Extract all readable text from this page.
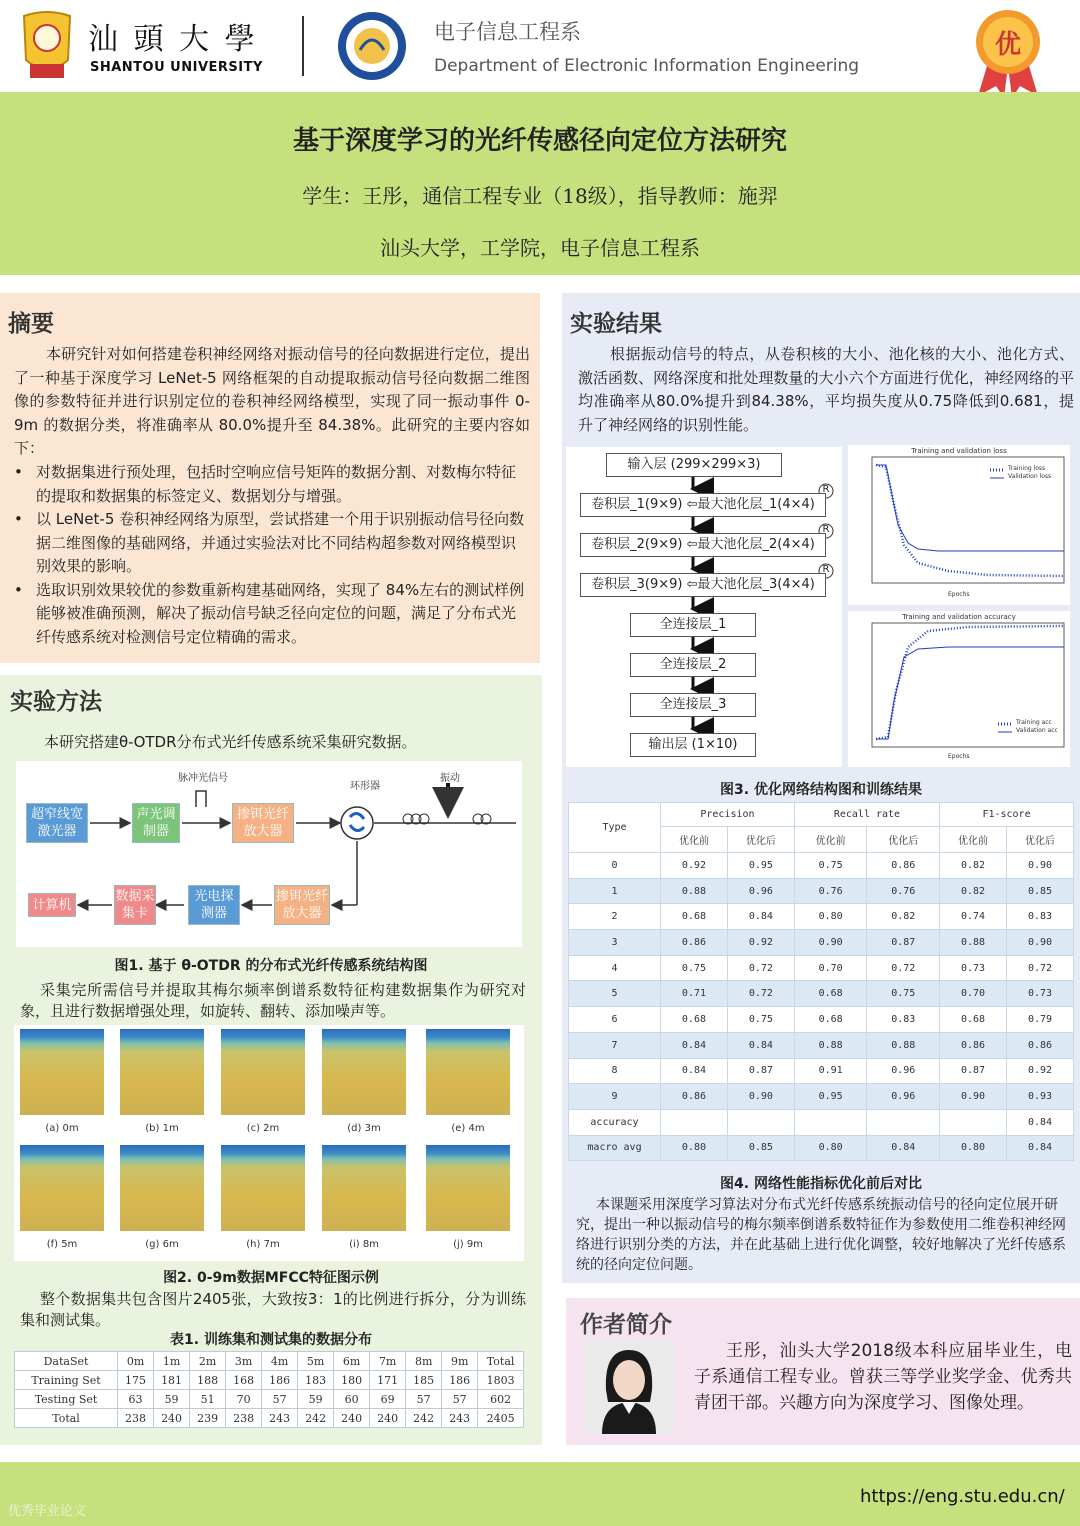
汕 頭 大 學
SHANTOU UNIVERSITY
电子信息工程系
Department of Electronic Information Engineering
优
基于深度学习的光纤传感径向定位方法研究
学生：王彤，通信工程专业（18级），指导教师：施羿
汕头大学，工学院，电子信息工程系
摘要
本研究针对如何搭建卷积神经网络对振动信号的径向数据进行定位，提出了一种基于深度学习 LeNet-5 网络框架的自动提取振动信号径向数据二维图像的参数特征并进行识别定位的卷积神经网络模型，实现了同一振动事件 0-9m 的数据分类，将准确率从 80.0%提升至 84.38%。此研究的主要内容如下：
• 对数据集进行预处理，包括时空响应信号矩阵的数据分割、对数梅尔特征的提取和数据集的标签定义、数据划分与增强。
• 以 LeNet-5 卷积神经网络为原型，尝试搭建一个用于识别振动信号径向数据二维图像的基础网络，并通过实验法对比不同结构超参数对网络模型识别效果的影响。
• 选取识别效果较优的参数重新构建基础网络，实现了 84%左右的测试样例能够被准确预测，解决了振动信号缺乏径向定位的问题，满足了分布式光纤传感系统对检测信号定位精确的需求。
实验方法
本研究搭建θ-OTDR分布式光纤传感系统采集研究数据。
超窄线宽激光器
声光调制器
掺铒光纤放大器
脉冲光信号
环形器
振动
掺铒光纤放大器
光电探测器
数据采集卡
计算机
图1. 基于 θ-OTDR 的分布式光纤传感系统结构图
采集完所需信号并提取其梅尔频率倒谱系数特征构建数据集作为研究对象，且进行数据增强处理，如旋转、翻转、添加噪声等。
(a) 0m	(b) 1m	(c) 2m	(d) 3m	(e) 4m
(f) 5m	(g) 6m	(h) 7m	(i) 8m	(j) 9m
图2. 0-9m数据MFCC特征图示例
整个数据集共包含图片2405张，大致按3：1的比例进行拆分，分为训练集和测试集。
表1. 训练集和测试集的数据分布
DataSet	0m	1m	2m	3m	4m	5m	6m	7m	8m	9m	Total
Training Set	175	181	188	168	186	183	180	171	185	186	1803
Testing Set	63	59	51	70	57	59	60	69	57	57	602
Total	238	240	239	238	243	242	240	240	242	243	2405
实验结果
根据振动信号的特点，从卷积核的大小、池化核的大小、池化方式、激活函数、网络深度和批处理数量的大小六个方面进行优化，神经网络的平均准确率从80.0%提升到84.38%，平均损失度从0.75降低到0.681，提升了神经网络的识别性能。
输入层 (299×299×3)
卷积层_1(9×9) ⇦最大池化层_1(4×4)
卷积层_2(9×9) ⇦最大池化层_2(4×4)
卷积层_3(9×9) ⇦最大池化层_3(4×4)
R
R
R
全连接层_1
全连接层_2
全连接层_3
输出层 (1×10)
Training and validation loss
Training loss
Validation loss
Epochs
Training and validation accuracy
Training acc
Validation acc
Epochs
图3. 优化网络结构图和训练结果
Type	Precision		Recall rate		F1-score	
	优化前	优化后	优化前	优化后	优化前	优化后
0	0.92	0.95	0.75	0.86	0.82	0.90
1	0.88	0.96	0.76	0.76	0.82	0.85
2	0.68	0.84	0.80	0.82	0.74	0.83
3	0.86	0.92	0.90	0.87	0.88	0.90
4	0.75	0.72	0.70	0.72	0.73	0.72
5	0.71	0.72	0.68	0.75	0.70	0.73
6	0.68	0.75	0.68	0.83	0.68	0.79
7	0.84	0.84	0.88	0.88	0.86	0.86
8	0.84	0.87	0.91	0.96	0.87	0.92
9	0.86	0.90	0.95	0.96	0.90	0.93
accuracy						0.84
macro avg	0.80	0.85	0.80	0.84	0.80	0.84
图4. 网络性能指标优化前后对比
本课题采用深度学习算法对分布式光纤传感系统振动信号的径向定位展开研究，提出一种以振动信号的梅尔频率倒谱系数特征作为参数使用二维卷积神经网络进行识别分类的方法，并在此基础上进行优化调整，较好地解决了光纤传感系统的径向定位问题。
作者简介
王彤，汕头大学2018级本科应届毕业生，电子系通信工程专业。曾获三等学业奖学金、优秀共青团干部。兴趣方向为深度学习、图像处理。
https://eng.stu.edu.cn/
优秀毕业论文
